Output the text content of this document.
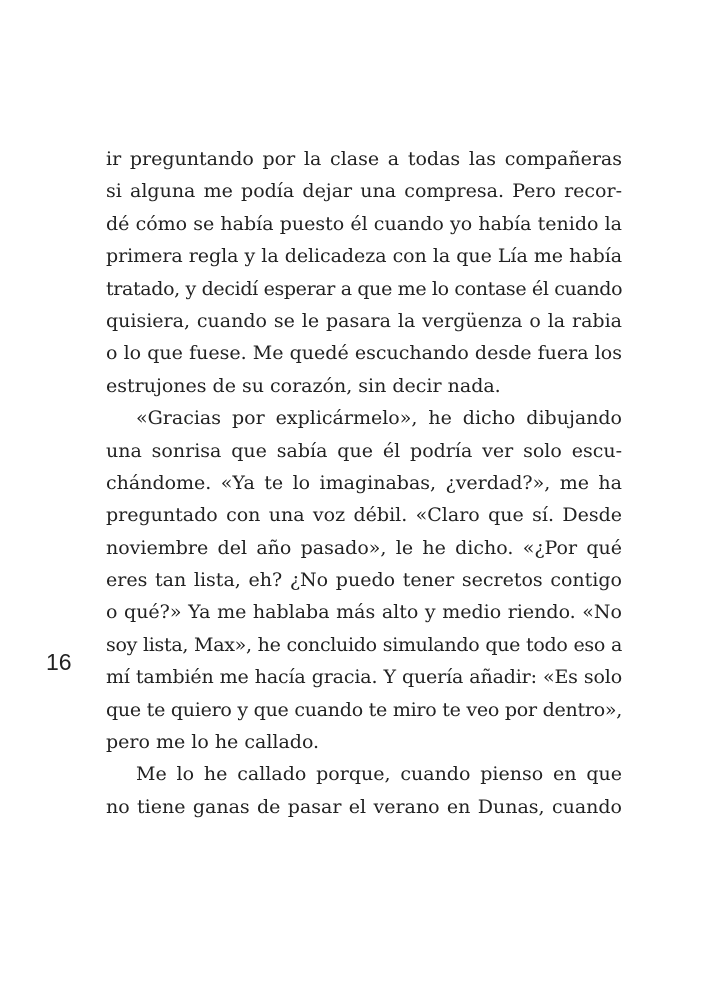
ir preguntando por la clase a todas las compañeras
si alguna me podía dejar una compresa. Pero recor-
dé cómo se había puesto él cuando yo había tenido la
primera regla y la delicadeza con la que Lía me había
tratado, y decidí esperar a que me lo contase él cuando
quisiera, cuando se le pasara la vergüenza o la rabia
o lo que fuese. Me quedé escuchando desde fuera los
estrujones de su corazón, sin decir nada.
«Gracias por explicármelo», he dicho dibujando
una sonrisa que sabía que él podría ver solo escu-
chándome. «Ya te lo imaginabas, ¿verdad?», me ha
preguntado con una voz débil. «Claro que sí. Desde
noviembre del año pasado», le he dicho. «¿Por qué
eres tan lista, eh? ¿No puedo tener secretos contigo
o qué?» Ya me hablaba más alto y medio riendo. «No
soy lista, Max», he concluido simulando que todo eso a
mí también me hacía gracia. Y quería añadir: «Es solo
que te quiero y que cuando te miro te veo por dentro»,
pero me lo he callado.
Me lo he callado porque, cuando pienso en que
no tiene ganas de pasar el verano en Dunas, cuando
16
